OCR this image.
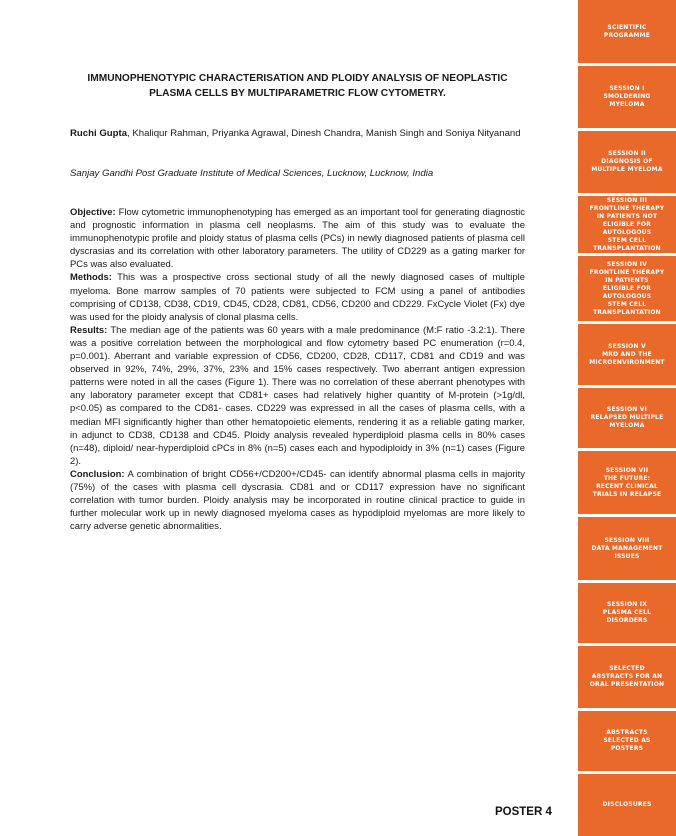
IMMUNOPHENOTYPIC CHARACTERISATION AND PLOIDY ANALYSIS OF NEOPLASTIC PLASMA CELLS BY MULTIPARAMETRIC FLOW CYTOMETRY.
Ruchi Gupta, Khaliqur Rahman, Priyanka Agrawal, Dinesh Chandra, Manish Singh and Soniya Nityanand
Sanjay Gandhi Post Graduate Institute of Medical Sciences, Lucknow, Lucknow, India

Objective: Flow cytometric immunophenotyping has emerged as an important tool for generating diagnostic and prognostic information in plasma cell neoplasms. The aim of this study was to evaluate the immunophenotypic profile and ploidy status of plasma cells (PCs) in newly diagnosed patients of plasma cell dyscrasias and its correlation with other laboratory parameters. The utility of CD229 as a gating marker for PCs was also evaluated.

Methods: This was a prospective cross sectional study of all the newly diagnosed cases of multiple myeloma. Bone marrow samples of 70 patients were subjected to FCM using a panel of antibodies comprising of CD138, CD38, CD19, CD45, CD28, CD81, CD56, CD200 and CD229. FxCycle Violet (Fx) dye was used for the ploidy analysis of clonal plasma cells.

Results: The median age of the patients was 60 years with a male predominance (M:F ratio -3.2:1). There was a positive correlation between the morphological and flow cytometry based PC enumeration (r=0.4, p=0.001). Aberrant and variable expression of CD56, CD200, CD28, CD117, CD81 and CD19 and was observed in 92%, 74%, 29%, 37%, 23% and 15% cases respectively. Two aberrant antigen expression patterns were noted in all the cases (Figure 1). There was no correlation of these aberrant phenotypes with any laboratory parameter except that CD81+ cases had relatively higher quantity of M-protein (>1g/dl, p<0.05) as compared to the CD81- cases. CD229 was expressed in all the cases of plasma cells, with a median MFI significantly higher than other hematopoietic elements, rendering it as a reliable gating marker, in adjunct to CD38, CD138 and CD45. Ploidy analysis revealed hyperdiploid plasma cells in 80% cases (n=48), diploid/ near-hyperdiploid cPCs in 8% (n=5) cases each and hypodiploidy in 3% (n=1) cases (Figure 2).

Conclusion: A combination of bright CD56+/CD200+/CD45- can identify abnormal plasma cells in majority (75%) of the cases with plasma cell dyscrasia. CD81 and or CD117 expression have no significant correlation with tumor burden. Ploidy analysis may be incorporated in routine clinical practice to guide in further molecular work up in newly diagnosed myeloma cases as hypodiploid myelomas are more likely to carry adverse genetic abnormalities.

POSTER 4
SCIENTIFIC
PROGRAMME
SESSION I
SMOLDERING
MYELOMA
SESSION II
DIAGNOSIS OF
MULTIPLE MYELOMA
SESSION III
FRONTLINE THERAPY
IN PATIENTS NOT
ELIGIBLE FOR
AUTOLOGOUS
STEM CELL
TRANSPLANTATION
SESSION IV
FRONTLINE THERAPY
IN PATIENTS
ELIGIBLE FOR
AUTOLOGOUS
STEM CELL
TRANSPLANTATION
SESSION V
MRD AND THE
MICROENVIRONMENT
SESSION VI
RELAPSED MULTIPLE
MYELOMA
SESSION VII
THE FUTURE:
RECENT CLINICAL
TRIALS IN RELAPSE
SESSION VIII
DATA MANAGEMENT
ISSUES
SESSION IX
PLASMA CELL
DISORDERS
SELECTED
ABSTRACTS FOR AN
ORAL PRESENTATION
ABSTRACTS
SELECTED AS
POSTERS
DISCLOSURES
